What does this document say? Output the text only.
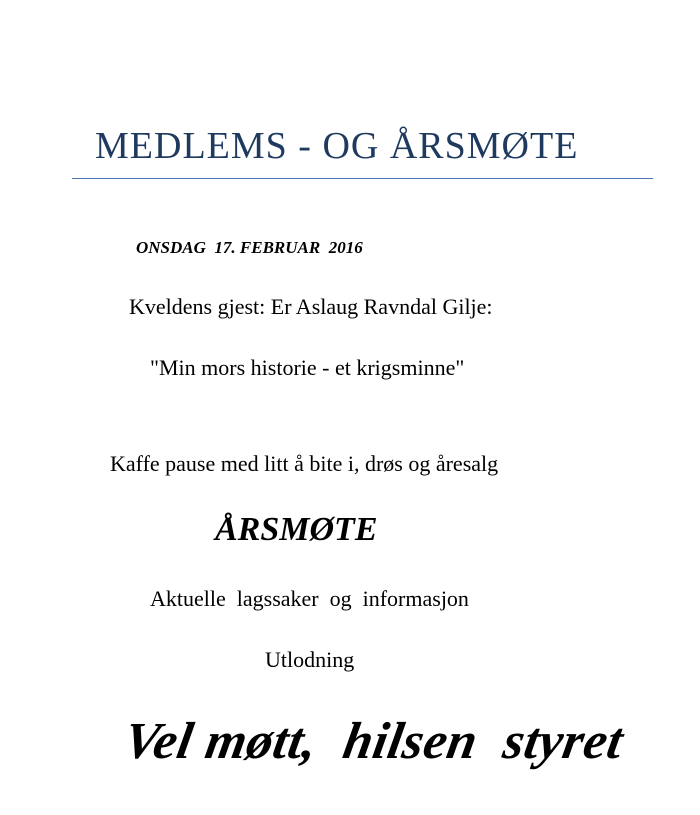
MEDLEMS - OG ÅRSMØTE
ONSDAG  17. FEBRUAR  2016
Kveldens gjest: Er Aslaug Ravndal Gilje:
"Min mors historie - et krigsminne"
Kaffe pause med litt å bite i, drøs og åresalg
ÅRSMØTE
Aktuelle  lagssaker  og  informasjon
Utlodning
Vel møtt,  hilsen  styret
